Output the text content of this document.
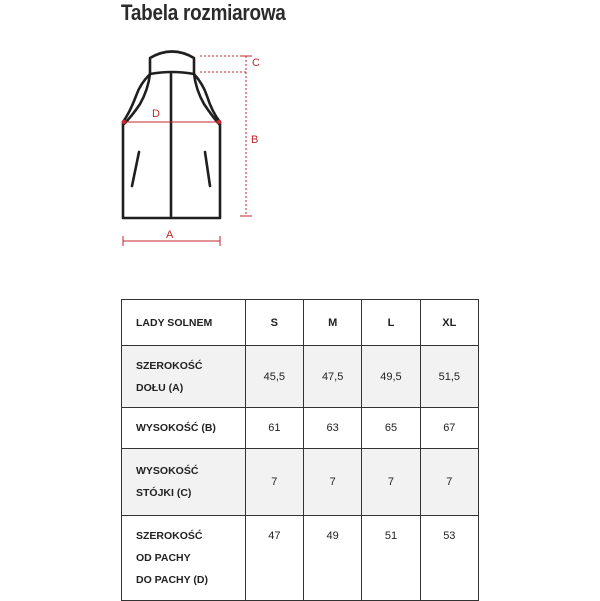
Tabela rozmiarowa
A
B
C
D
LADY SOLNEM	S	M	L	XL

SZEROKOŚĆ
DOŁU (A)	45,5	47,5	49,5	51,5

WYSOKOŚĆ (B)	61	63	65	67

WYSOKOŚĆ
STÓJKI (C)	7	7	7	7

SZEROKOŚĆ
OD PACHY
DO PACHY (D)	47	49	51	53
